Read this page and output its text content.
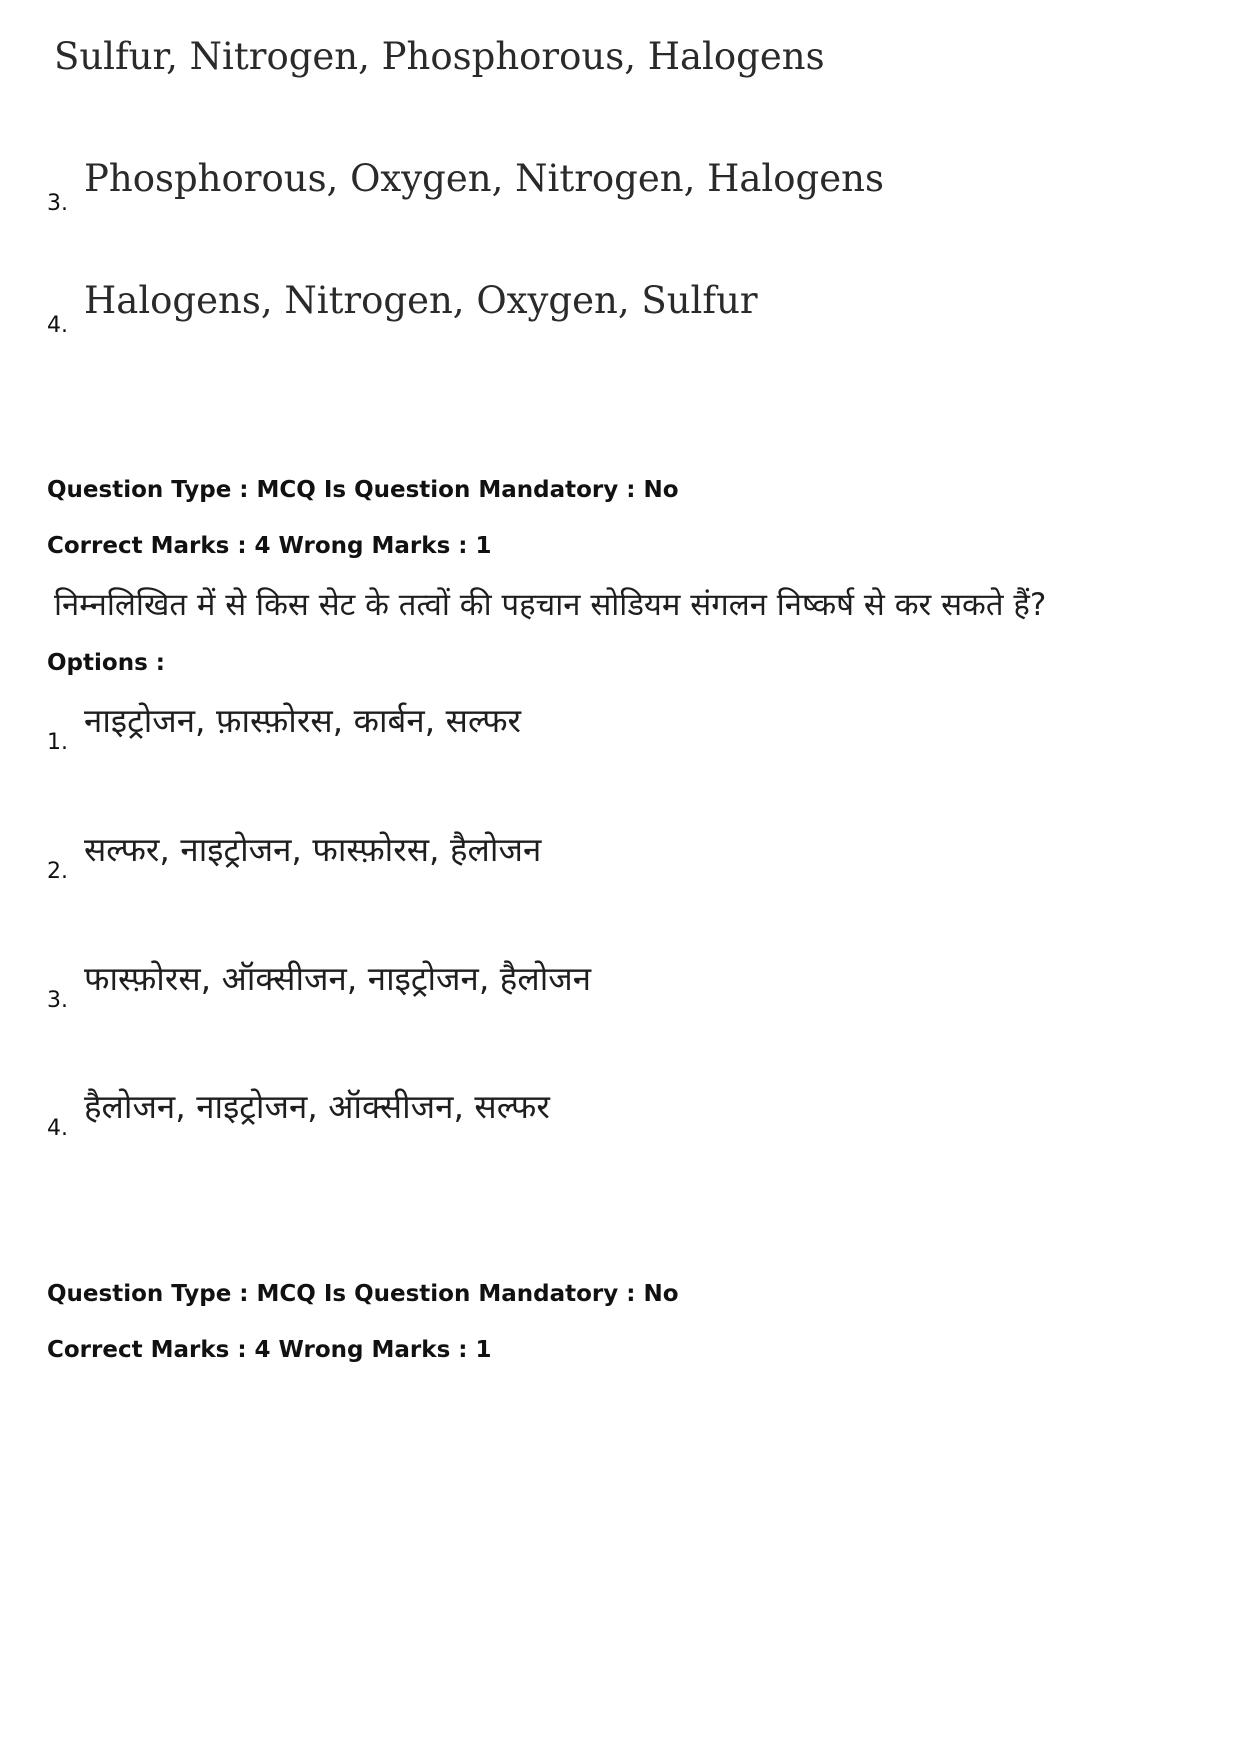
Sulfur, Nitrogen, Phosphorous, Halogens
3.
Phosphorous, Oxygen, Nitrogen, Halogens
4.
Halogens, Nitrogen, Oxygen, Sulfur
Question Type : MCQ Is Question Mandatory : No
Correct Marks : 4 Wrong Marks : 1
निम्नलिखित में से किस सेट के तत्वों की पहचान सोडियम संगलन निष्कर्ष से कर सकते हैं?
Options :
1.
नाइट्रोजन, फ़ास्फ़ोरस, कार्बन, सल्फर
2.
सल्फर, नाइट्रोजन, फास्फ़ोरस, हैलोजन
3.
फास्फ़ोरस, ऑक्सीजन, नाइट्रोजन, हैलोजन
4.
हैलोजन, नाइट्रोजन, ऑक्सीजन, सल्फर
Question Type : MCQ Is Question Mandatory : No
Correct Marks : 4 Wrong Marks : 1
